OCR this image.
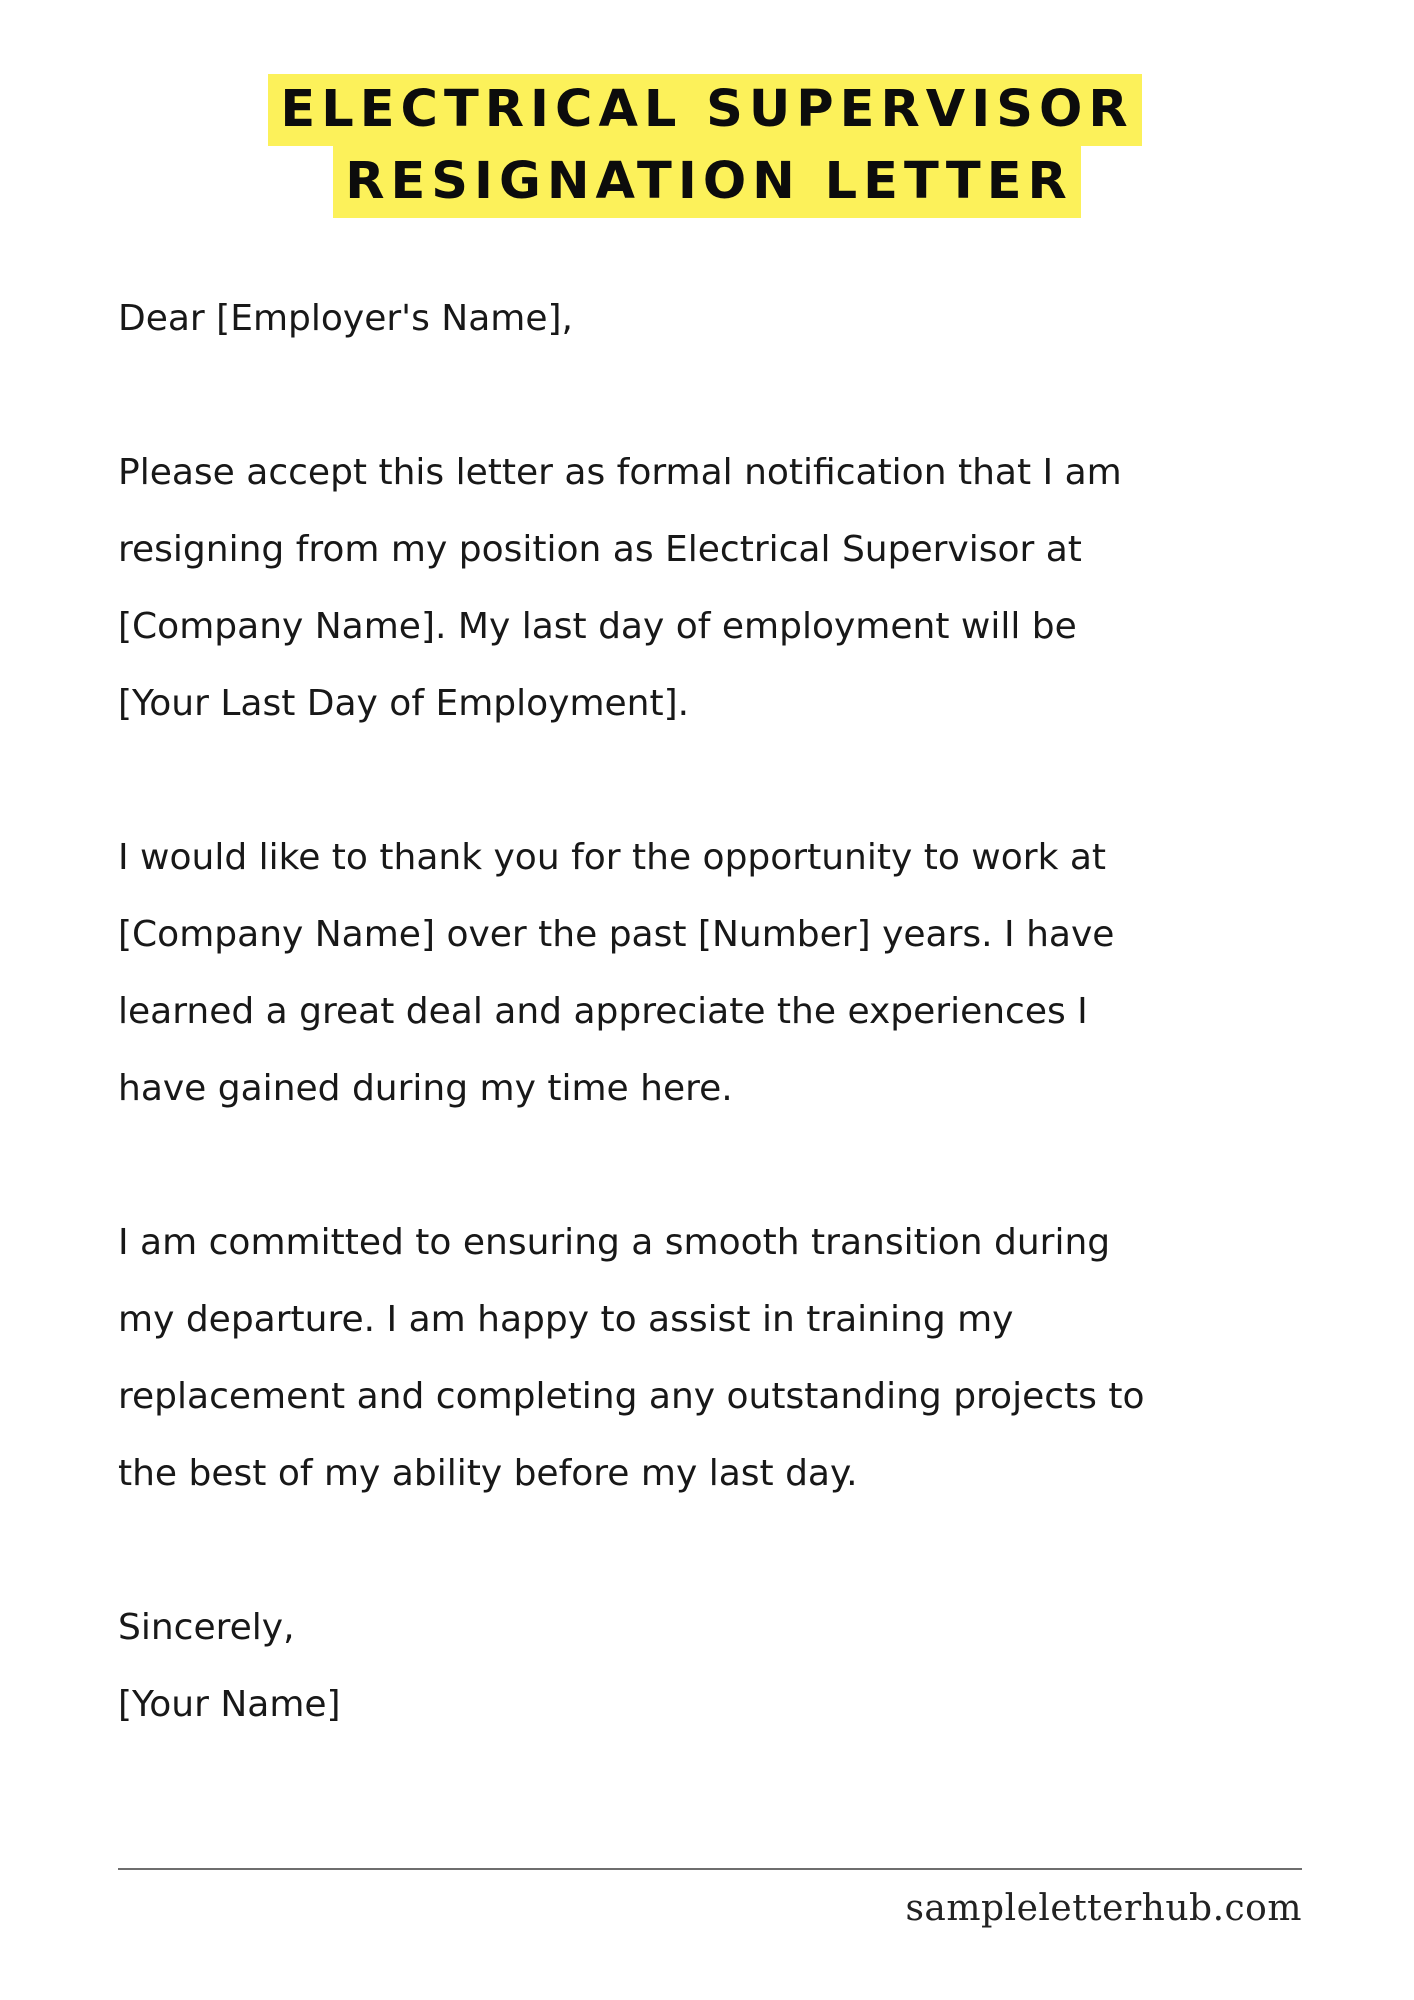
ELECTRICAL SUPERVISOR
RESIGNATION LETTER

Dear [Employer's Name],

Please accept this letter as formal notification that I am

resigning from my position as Electrical Supervisor at

[Company Name]. My last day of employment will be

[Your Last Day of Employment].

I would like to thank you for the opportunity to work at

[Company Name] over the past [Number] years. I have

learned a great deal and appreciate the experiences I

have gained during my time here.

I am committed to ensuring a smooth transition during

my departure. I am happy to assist in training my

replacement and completing any outstanding projects to

the best of my ability before my last day.

Sincerely,

[Your Name]

sampleletterhub.com
